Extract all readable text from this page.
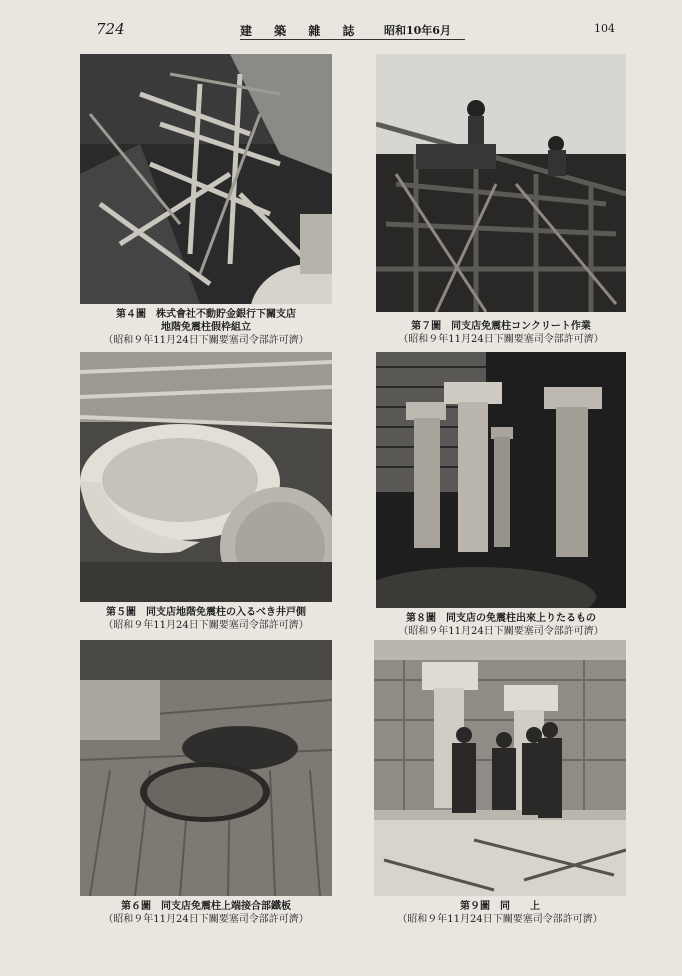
724	建 築 雜 誌 昭和10年6月	104
第４圖　 株式會社不動貯金銀行下關支店
地階免震柱假枠組立
（昭和９年11月24日下關要塞司令部許可濟）
第７圖　 同支店免震柱コンクリート作業
（昭和９年11月24日下關要塞司令部許可濟）
第５圖　 同支店地階免震柱の入るべき井戸側
（昭和９年11月24日下關要塞司令部許可濟）
第８圖　 同支店の免震柱出來上りたるもの
（昭和９年11月24日下關要塞司令部許可濟）
第６圖　 同支店免震柱上端接合部鐵板
（昭和９年11月24日下關要塞司令部許可濟）
第９圖　 同　　上
（昭和９年11月24日下關要塞司令部許可濟）
